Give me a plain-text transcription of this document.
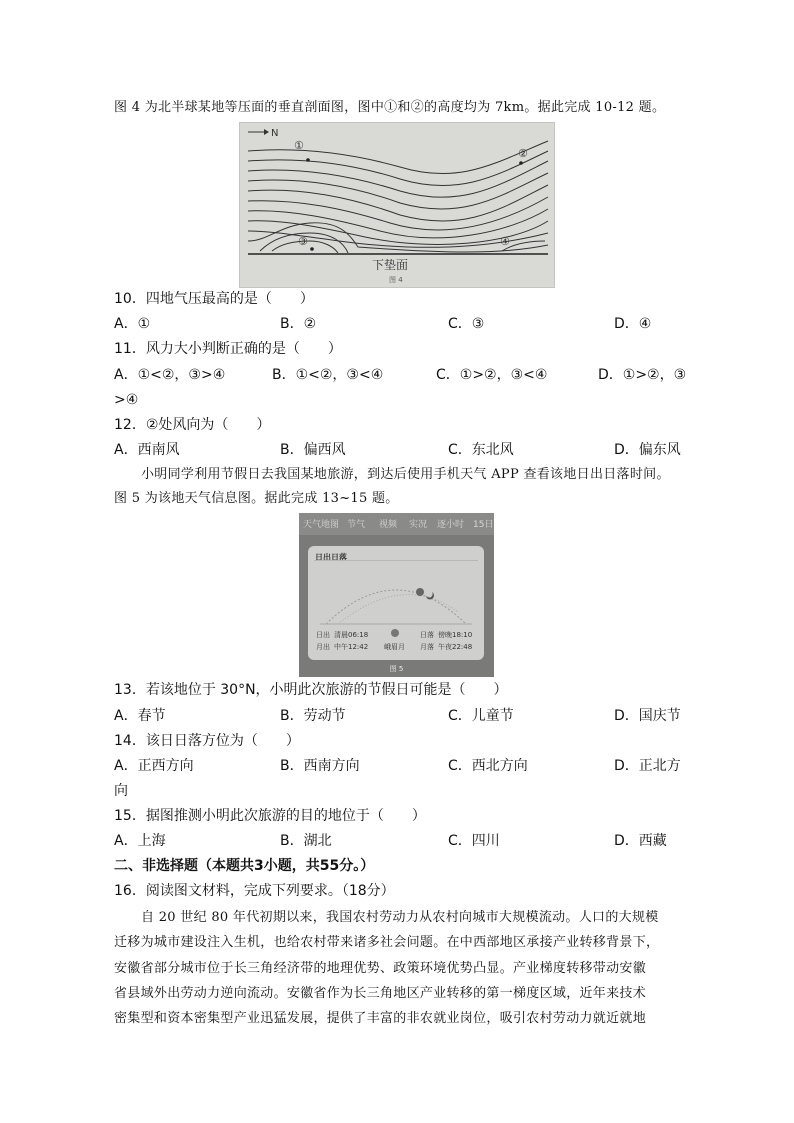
图 4 为北半球某地等压面的垂直剖面图，图中①和②的高度均为 7km。据此完成 10-12 题。
N
①
②
③	④
下垫面
图 4
10．四地气压最高的是（　　）
A．①	B．②	C．③	D．④
11．风力大小判断正确的是（　　）
A．①<②，③>④	B．①<②，③<④	C．①>②，③<④	D．①>②，③
>④
12．②处风向为（　　）
A．西南风	B．偏西风	C．东北风	D．偏东风
小明同学利用节假日去我国某地旅游，到达后使用手机天气 APP 查看该地日出日落时间。
图 5 为该地天气信息图。据此完成 13~15 题。
天气地图 节气 视频 实况 逐小时 15日
日出日落
日出 清晨06:18
月出 中午12:42 峨眉月
日落 傍晚18:10
月落 午夜22:48
图 5
13．若该地位于 30°N，小明此次旅游的节假日可能是（　　）
A．春节	B．劳动节	C．儿童节	D．国庆节
14．该日日落方位为（　　）
A．正西方向	B．西南方向	C．西北方向	D．正北方
向
15．据图推测小明此次旅游的目的地位于（　　）
A．上海	B．湖北	C．四川	D．西藏
二、非选择题（本题共3小题，共55分。）
16．阅读图文材料，完成下列要求。（18分）
自 20 世纪 80 年代初期以来，我国农村劳动力从农村向城市大规模流动。人口的大规模
迁移为城市建设注入生机，也给农村带来诸多社会问题。在中西部地区承接产业转移背景下，
安徽省部分城市位于长三角经济带的地理优势、政策环境优势凸显。产业梯度转移带动安徽
省县域外出劳动力逆向流动。安徽省作为长三角地区产业转移的第一梯度区域，近年来技术
密集型和资本密集型产业迅猛发展，提供了丰富的非农就业岗位，吸引农村劳动力就近就地
